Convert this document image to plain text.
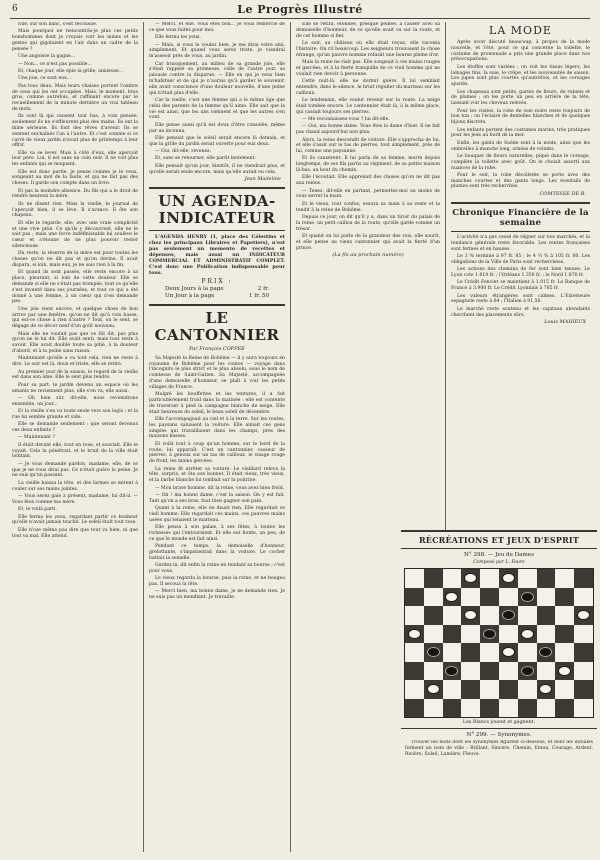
6	Le Progrès Illustré

Elle, sur son banc, s'est recousue.

Mais pourquoi ne riencontrâs-je plus ces petits bonshommes dont je croyais voir les mines et les gestes qui gigotaient en l'air dans un cadre de la pensée ?

Une angoisse la gagne...

— Non... ce n'est pas possible...

Et, chaque jour, elle épie la grille, anxieuse...

Une joie, ce sont eux...

Pas tous deux. Mais leurs chaises portent l'ombre de ceux qui les ont occupées. Mais, le moment, bras gros, comme autrefois, et raffinant encore par le recueillement de la minute dernière un vrai tableau de mots.

Ils sont là qui causent tout bas, à voix pensée, seulement ils ne s'effleurent plus des mains. Ils ont la mine sérieuse. Ils font des rêves d'avenir. Ils se sentent enchaînés l'un à l'autre. Et c'est comme si ce carré de vieux jardin n'avait plus de printemps à leur offrir.

Elle va se lever. Mais à côté d'eux, elle aperçoit leur père. Lui, il est sans un coin noir. Il ne voit plus les enfants qui se moquent.

Elle est donc partie, je pense comme je le veux, songeant au mot de la faute, et qui ne fait pas des choses. Il garde son compte dans un livre.

Et pas la moindre absence. Du fils qui a le droit de rendre heureux la mère.

Ils ne disent rien. Mais la vieille, le journal de l'aperçoit bien, il se lève. Il s'avance. Il ôte son chapeau.

Et elle le regarde, elle, avec une vraie complicité et une vive pitié. Ce qu'ils y découvrent, elle ne le sait pas ; mais une force indéfinissable lui soulève le cœur et s'étonne de ne plus pouvoir rester silencieuse.

Du reste, la réserve de la mère est pour toutes les choses qu'on ne dit pas et qu'on devine. Il avait disparu, si loin, mais eux, je ne suis rien à la fin.

Et quand ils sont passés, elle reste encore à sa place, pleurant, si loin de cette douleur. Elle se demande si elle ne s'était pas trompée, tout ce qu'elle s'est inventé dans ses journées, et tout ce qui a été donné à une femme, à un cœur qui n'en demande pas.

Une joie vient encore, et quelque chose de bon arrive par une fenêtre, qu'on ne dit qu'à voix basse, qui est-ce chose à rien d'autre ? Tout, on le sent, se dégage de ce décor neuf d'un goût nouveau.

Mais elle ne voulait pas que ce fût dit, pas plus qu'on ne le lui dit. Elle avait senti, mais tout reste à savoir. Elle avait doublé toute sa pitié, à la douleur d'abord, et à la peine sans raison.

Maintenant qu'elle a vu tout cela, rien ne reste à dire. Le soir est là, doux et triste, elle se retire.

Au premier jour de la saison, le regard de la vieille est dans son âme. Elle le sent plus tendre.

Pour sa part, le jardin devenu un espace où les amants ne reviennent plus, elle s'en va, elle aussi.

— Oh bien sûr, dit-elle, nous reviendrons ensemble, un jour...

Et la vieille s'en va toute seule vers son logis ; et la rue lui semble grande et vide.

Elle se demande seulement : que seront devenus ces deux enfants ?

— Maintenant ?

Il était devant elle, tout en rose, et souriait. Elle le voyait. Cela la pénétrait, et le bruit de la ville était lointain.

— Je vous demande pardon, madame, elle, de ce que je ne vous dirai pas. Ce n'était guère la peine. Je ne suis qu'un passant.

La vieille baissa la tête, et des larmes se mirent à couler sur ses mains jointes.

— Vous serez gaie à présent, madame, lui dit-il. — Vous êtes comme ma mère.

Et, le voilà parti.

Elle ferma les yeux, regardant partir ce bonheur qu'elle n'avait jamais touché. Le soleil était tout rose.

Elle n'ose même pas dire que tout va bien, ni que tout va mal. Elle attend.

— Merci, et elle. Vous êtes bon... Je vous remercie de ce que vous faites pour moi.

Elle ferma les yeux.

— Mais, si vous le voulez bien, je me dirai votre ami, simplement. Et quand vous serez triste, je viendrai m'asseoir près de vous, au jardin.

Car brusquement, au milieu de sa grande joie, elle s'était rappelé sa promesse, celle de l'autre jour, sa jalousie contre la disparue. — Elle en qui je veux bien m'habituer et de qui je n'aurais qu'à garder le souvenir, elle avait conscience d'une douleur nouvelle, d'une peine qui n'était plus d'elle.

Car la vieille, c'est une femme qui a le même âge que celui des parents de la femme qu'il aime. Elle sait que la vie est ainsi, que les uns viennent et que les autres s'en vont.

Elle pense aussi qu'il est doux d'être consolée, même par un inconnu.

Elle pensait que le soleil serait encore là demain, et que la grille du jardin serait ouverte pour eux deux.

— Oui, dit-elle, revenez.

Et, sans se retourner, elle partit lentement.

Elle pensait qu'un jour, bientôt, il ne viendrait plus, et qu'elle serait seule encore, mais qu'elle aurait eu cela.

Jean Madeline
UN AGENDA-INDICATEUR
L'AGENDA HENRY (1, place des Célestins et chez les principaux Libraires et Papetiers), n'est pas seulement un memento de recettes et dépenses, mais aussi un INDICATEUR COMMERCIAL ET ADMINISTRATIF COMPLET. C'est donc une Publication indispensable pour tous.
PRIX :
Deux Jours à la page	2 fr.
Un Jour à la page	1 fr. 50
LE CANTONNIER
Par François COPPÉE

Sa Majesté la Reine de Bohême — il y aura toujours en royaume de Bohême pour les contes — voyage dans l'incognito le plus strict et le plus absolu, sous le nom de comtesse de Saint-Gatien. Sa Majesté, accompagnée d'une demoiselle d'honneur, se plaît à voir les petits villages de France.

Malgré les bouffettes et les tentures, il a fait particulièrement froid dans la matinée : elle est contente de traverser à pied la campagne blanche de neige. Elle était heureuse du soleil, le beau soleil de décembre.

Elle l'accompagnait au ciel et à la terre. Sur les routes, les paysans saluaient la voiture. Elle aimait ces gens simples qui travaillaient dans les champs, près des maisons basses.

Et voilà tout à coup qu'un homme, sur le bord de la route, lui apparaît. C'est un cantonnier, casseur de pierres, à genoux sur un tas de cailloux, le visage rouge de froid, les mains gercées.

La reine fit arrêter sa voiture. Le vieillard releva la tête, surpris, et ôta son bonnet. Il était vieux, très vieux, et la barbe blanche lui tombait sur la poitrine.

— Mon brave homme, dit la reine, vous avez bien froid.

— Oh ! ma bonne dame, c'est la saison. On y est fait. Tant qu'on a ses bras, faut bien gagner son pain.

Quant à la reine, elle ne disait rien. Elle regardait ce vieil homme. Elle regardait ces mains, ces pauvres mains usées qui tenaient le marteau.

Elle pensa à son palais, à ses fêtes, à toutes les richesses qui l'entouraient. Et elle eut honte, un peu, de ce que le monde est fait ainsi.

Pendant ce temps, la demoiselle d'honneur, grelottante, s'impatientait dans la voiture. Le cocher battait la semelle.

Gardez-la, dit enfin la reine en tendant sa bourse ; c'est pour vous.

Le vieux regarda la bourse, puis la reine, et ne bougea pas. Il secoua la tête.

— Merci bien, ma bonne dame, je ne demande rien. Je ne suis pas un mendiant. Je travaille.

Elle se retira, étonnée, presque peinée, à causer avec sa demoiselle d'honneur, de ce qu'elle avait vu sur la route, et de cet homme si fier.

Le soir, au château où elle était reçue, elle raconta l'histoire. On rit beaucoup. Les seigneurs trouvaient la chose étrange, qu'un pauvre homme refusât une bourse pleine d'or.

Mais la reine ne riait pas. Elle songeait à ces mains rouges et gercées, et à la fierté tranquille de ce vieil homme qui ne voulait rien devoir à personne.

Cette nuit-là, elle ne dormit guère. Il lui semblait entendre, dans le silence, le bruit régulier du marteau sur les cailloux.

Le lendemain, elle voulut revenir sur la route. La neige était tombée encore. Le cantonnier était là, à la même place, qui cassait toujours ses pierres.

— Me reconnaissez-vous ? lui dit-elle.

— Oui, ma bonne dame. Vous êtes la dame d'hier. Il ne fait pas chaud aujourd'hui non plus.

Alors, la reine descendit de voiture. Elle s'approcha de lui, et elle s'assit sur le tas de pierres, tout simplement, près de lui, comme une paysanne.

Et ils causèrent. Il lui parla de sa femme, morte depuis longtemps, de ses fils partis au régiment, de sa petite maison là-bas, au bout du chemin.

Elle l'écoutait. Elle apprenait des choses qu'on ne dit pas aux reines.

— Tenez, dit-elle en partant, permettez-moi au moins de vous serrer la main.

Et le vieux, tout confus, essuya sa main à sa veste et la tendit à la reine de Bohême.

Depuis ce jour, on dit qu'il y a, dans un tiroir du palais de la reine, un petit caillou de la route, qu'elle garde comme un trésor.

Et quand on lui parle de la grandeur des rois, elle sourit, et elle pense au vieux cantonnier qui avait la fierté d'un prince.

(La fin au prochain numéro)
LA MODE

Après avoir discuté beaucoup, à propos de la mode nouvelle, et l'été, pour ce qui concerne la toilette, le costume de promenade a pris une grande place dans nos préoccupations.

Les étoffes sont variées ; on voit les tissus légers, les lainages fins, la soie, le crêpe, et les nouveautés de saison. Les jupes sont plus courtes qu'autrefois, et les corsages ajustés.

Les chapeaux sont petits, garnis de fleurs, de rubans et de plumes ; on les porte un peu en arrière de la tête, laissant voir les cheveux relevés.

Pour les visites, la robe de soie noire reste toujours de bon ton ; on l'éclaire de dentelles blanches et de quelques bijoux discrets.

Les enfants portent des costumes marins, très pratiques pour les jeux au bord de la mer.

Enfin, les gants de Suède sont à la mode, ainsi que les ombrelles à manche long, ornées de volants.

Le bouquet de fleurs naturelles, piqué dans le corsage, complète la toilette avec goût. On le choisit assorti aux nuances de la robe.

Pour le soir, la robe décolletée se porte avec des manches courtes et des gants longs. Les éventails de plumes sont très recherchés.

COMTESSE DE B.
Chronique Financière de la semaine

L'activité n'a pas cessé de régner sur nos marchés, et la tendance générale reste favorable. Les rentes françaises sont fermes et en hausse.

Le 3 % termine à 97 fr. 85 ; le 4 ½ % à 105 fr. 60. Les obligations de la Ville de Paris sont recherchées.

Les actions des chemins de fer sont bien tenues. Le Lyon cote 1.610 fr. ; l'Orléans 1.350 fr. ; le Nord 1.870 fr.

Le Crédit Foncier se maintient à 1.015 fr. La Banque de France à 3.900 fr. Le Crédit Lyonnais à 785 fr.

Les valeurs étrangères sont calmes. L'Extérieure espagnole reste à 64 ; l'Italien à 91,50.

Le marché reste soutenu et les capitaux abondants cherchent des placements sûrs.

Louis MAHIEUX
RÉCRÉATIONS ET JEUX D'ESPRIT
N° 298. — Jeu de Dames
Composé par L. Faure
Les Blancs jouent et gagnent.
N° 299. — Synonymes.
Trouver les mots dont les synonymes figurent ci-dessous, et dont les initiales forment un nom de ville : Brillant, Sincère, Chemin, Ennui, Courage, Ardent, Rivière, Soleil, Lumière, Fleuve.
